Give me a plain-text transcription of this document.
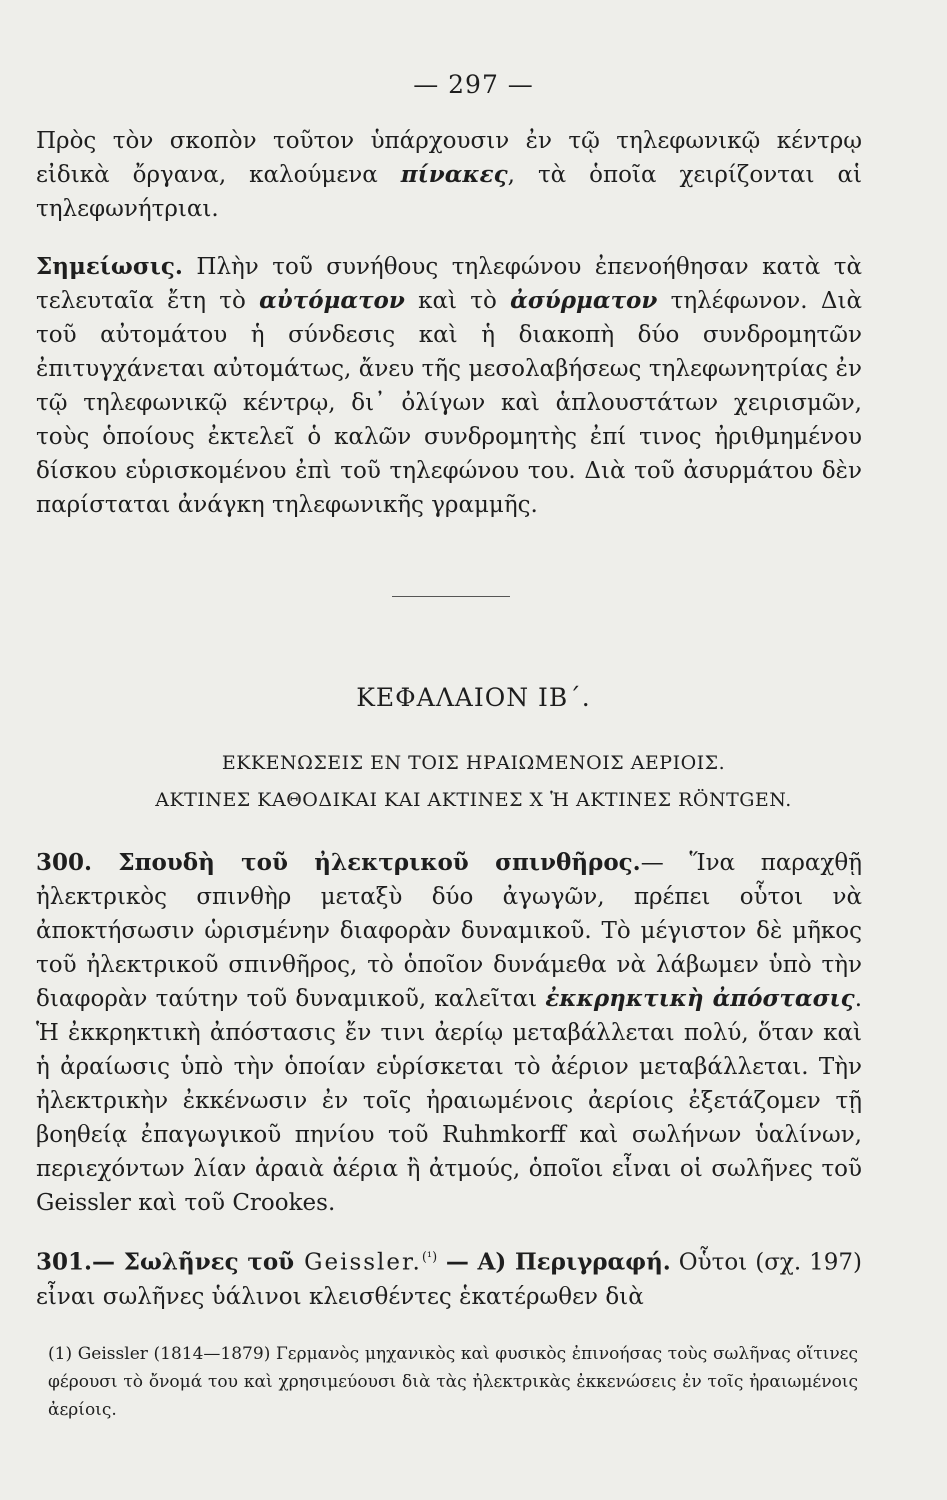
— 297 —

Πρὸς τὸν σκοπὸν τοῦτον ὑπάρχουσιν ἐν τῷ τηλεφωνικῷ κέντρῳ εἰδικὰ ὄργανα, καλούμενα πίνακες, τὰ ὁποῖα χειρίζονται αἱ τηλεφωνήτριαι.

Σημείωσις. Πλὴν τοῦ συνήθους τηλεφώνου ἐπενοήθησαν κατὰ τὰ τελευταῖα ἔτη τὸ αὐτόματον καὶ τὸ ἀσύρματον τηλέφωνον. Διὰ τοῦ αὐτομάτου ἡ σύνδεσις καὶ ἡ διακοπὴ δύο συνδρομητῶν ἐπιτυγχάνεται αὐτομάτως, ἄνευ τῆς μεσολαβήσεως τηλεφωνητρίας ἐν τῷ τηλεφωνικῷ κέντρῳ, δι᾽ ὀλίγων καὶ ἁπλουστάτων χειρισμῶν, τοὺς ὁποίους ἐκτελεῖ ὁ καλῶν συνδρομητὴς ἐπί τινος ἠριθμημένου δίσκου εὑρισκομένου ἐπὶ τοῦ τηλεφώνου του. Διὰ τοῦ ἀσυρμάτου δὲν παρίσταται ἀνάγκη τηλεφωνικῆς γραμμῆς.

ΚΕΦΑΛΑΙΟΝ ΙΒ΄.
ΕΚΚΕΝΩΣΕΙΣ ΕΝ ΤΟΙΣ ΗΡΑΙΩΜΕΝΟΙΣ ΑΕΡΙΟΙΣ.
ΑΚΤΙΝΕΣ ΚΑΘΟΔΙΚΑΙ ΚΑΙ ΑΚΤΙΝΕΣ Χ Ἡ ΑΚΤΙΝΕΣ RÖNTGEN.

300. Σπουδὴ τοῦ ἠλεκτρικοῦ σπινθῆρος.— Ἵνα παραχθῇ ἠλεκτρικὸς σπινθὴρ μεταξὺ δύο ἀγωγῶν, πρέπει οὗτοι νὰ ἀποκτήσωσιν ὡρισμένην διαφορὰν δυναμικοῦ. Τὸ μέγιστον δὲ μῆκος τοῦ ἠλεκτρικοῦ σπινθῆρος, τὸ ὁποῖον δυνάμεθα νὰ λάβωμεν ὑπὸ τὴν διαφορὰν ταύτην τοῦ δυναμικοῦ, καλεῖται ἐκκρηκτικὴ ἀπόστασις. Ἡ ἐκκρηκτικὴ ἀπόστασις ἔν τινι ἀερίῳ μεταβάλλεται πολύ, ὅταν καὶ ἡ ἀραίωσις ὑπὸ τὴν ὁποίαν εὑρίσκεται τὸ ἀέριον μεταβάλλεται. Τὴν ἠλεκτρικὴν ἐκκένωσιν ἐν τοῖς ἠραιωμένοις ἀερίοις ἐξετάζομεν τῇ βοηθείᾳ ἐπαγωγικοῦ πηνίου τοῦ Ruhmkorff καὶ σωλήνων ὑαλίνων, περιεχόντων λίαν ἀραιὰ ἀέρια ἢ ἀτμούς, ὁποῖοι εἶναι οἱ σωλῆνες τοῦ Geissler καὶ τοῦ Crookes.

301.— Σωλῆνες τοῦ Geissler.$^{(^1)}$ — Α) Περιγραφή. Οὗτοι (σχ. 197) εἶναι σωλῆνες ὑάλινοι κλεισθέντες ἑκατέρωθεν διὰ

(1) Geissler (1814—1879) Γερμανὸς μηχανικὸς καὶ φυσικὸς ἐπινοήσας τοὺς σωλῆνας οἵτινες φέρουσι τὸ ὄνομά του καὶ χρησιμεύουσι διὰ τὰς ἠλεκτρικὰς ἐκκενώσεις ἐν τοῖς ἠραιωμένοις ἀερίοις.
